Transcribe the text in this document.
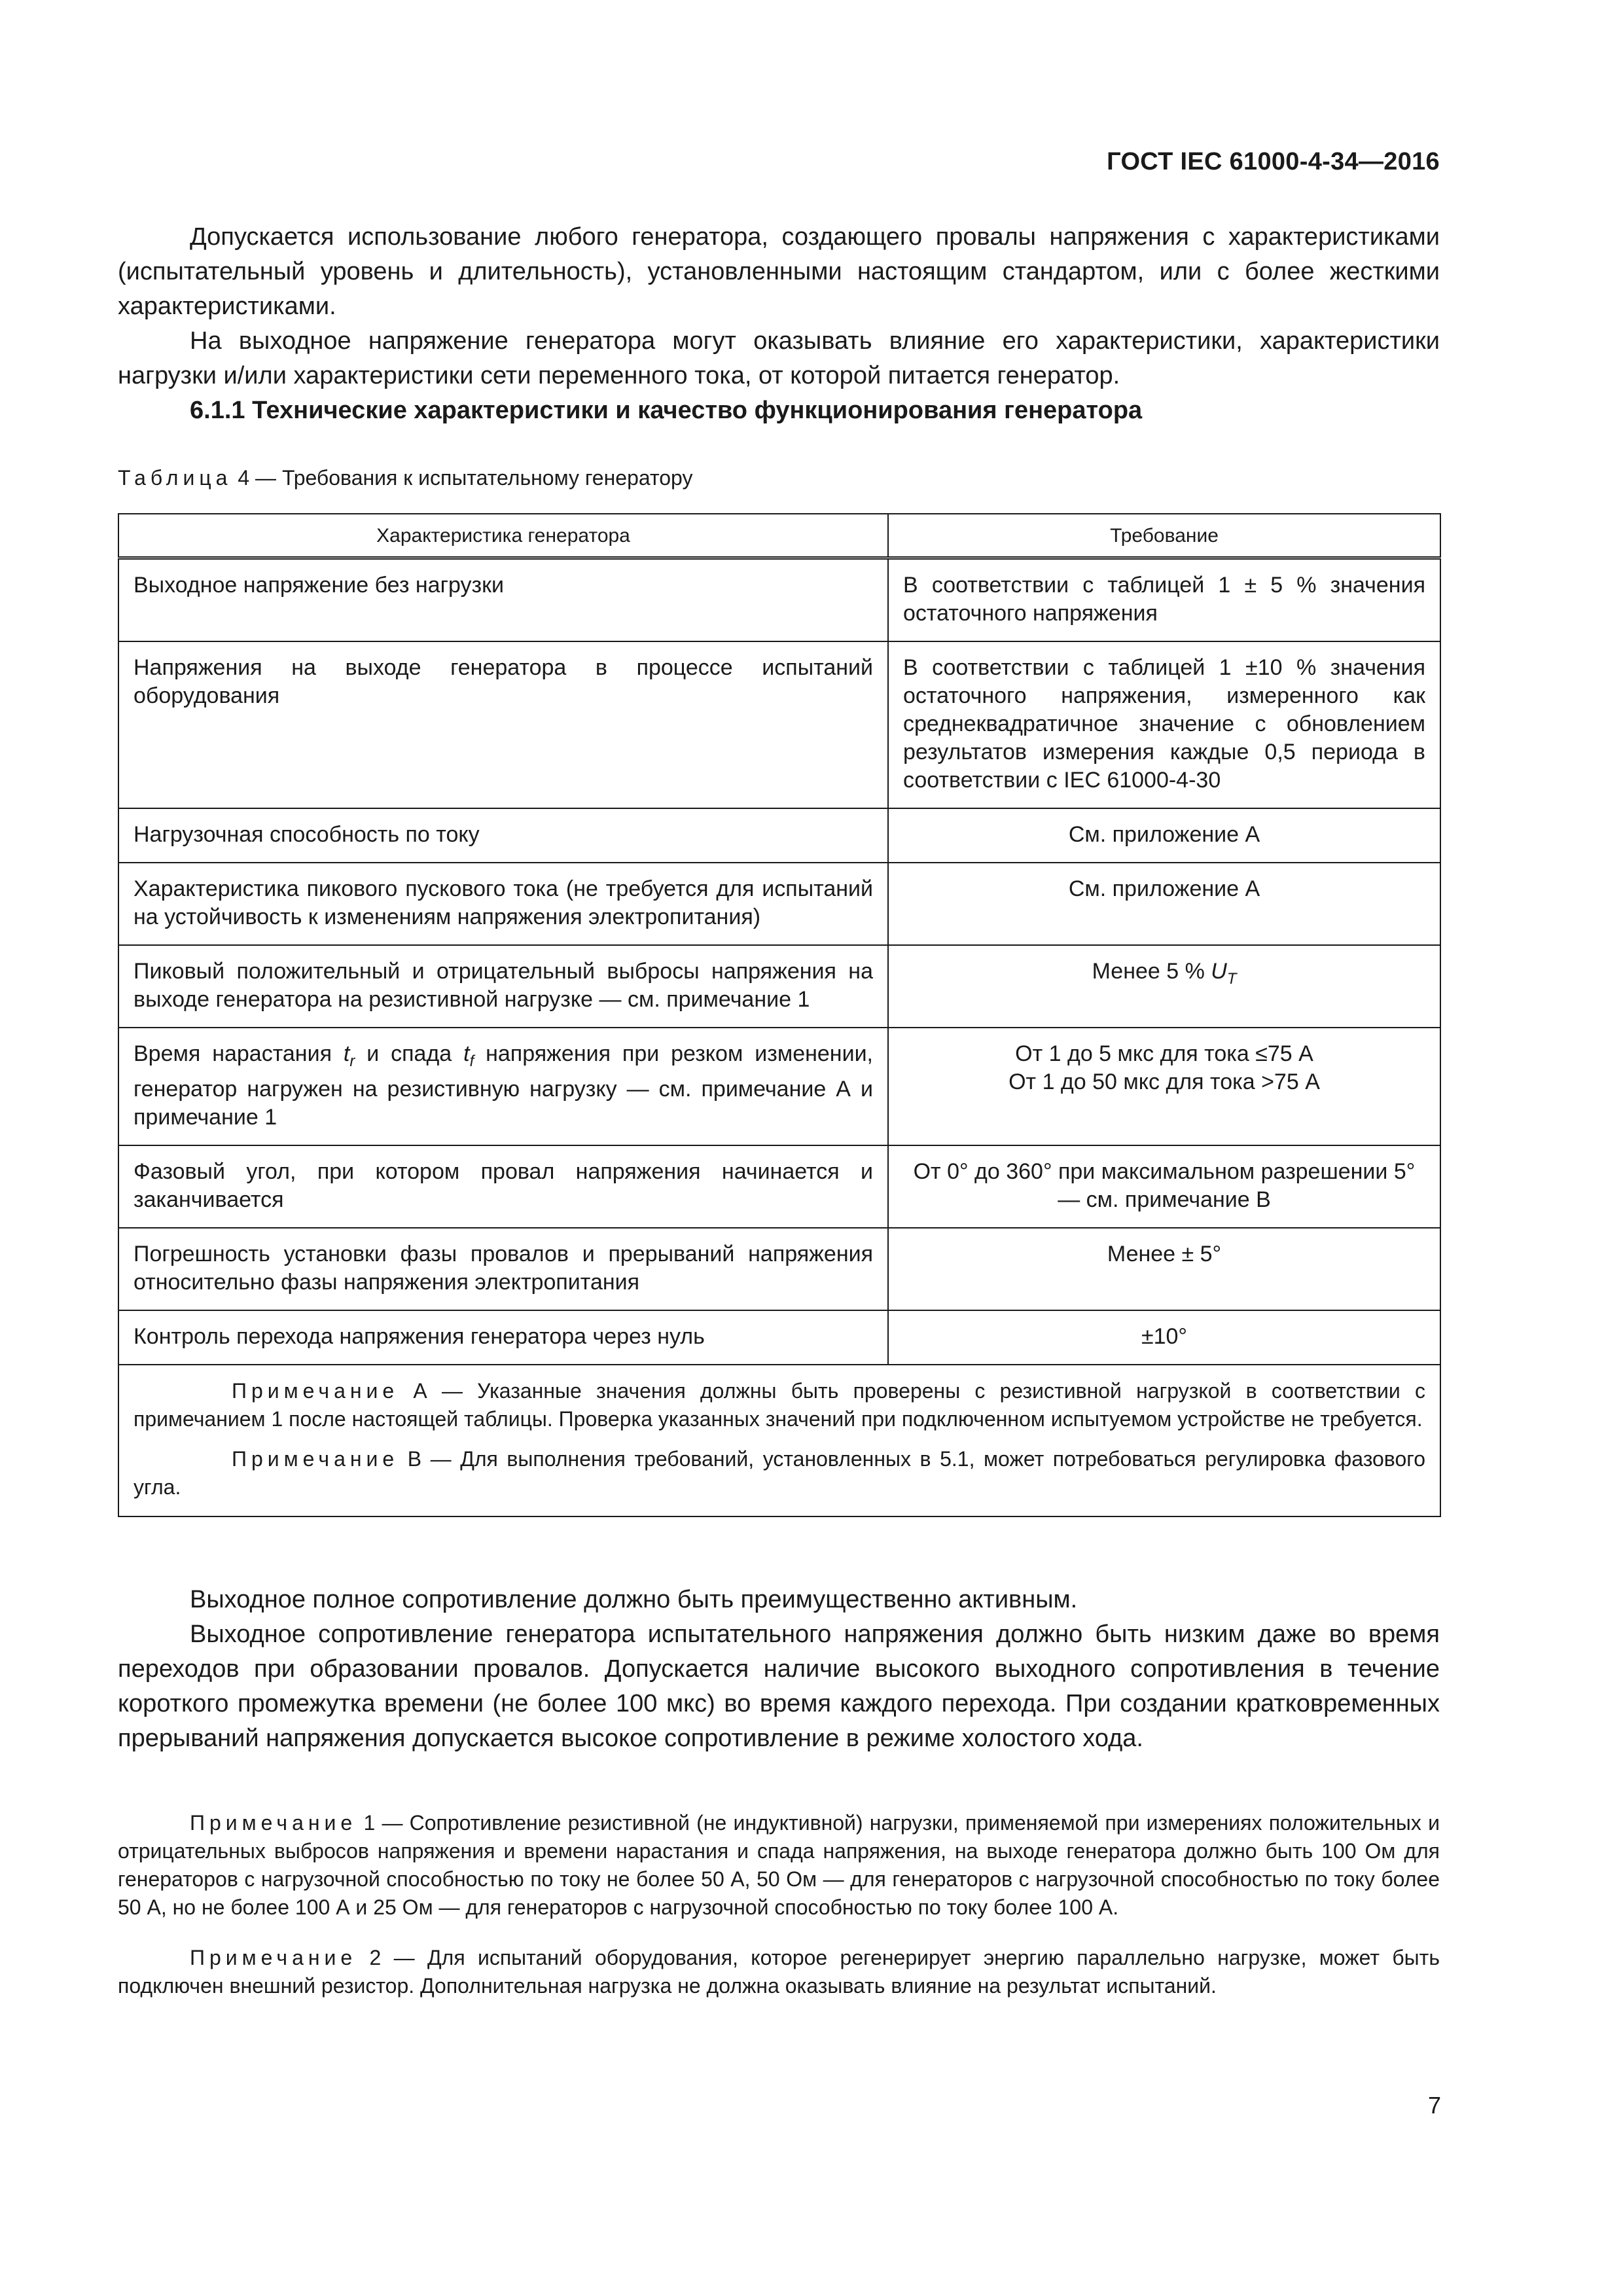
ГОСТ IEC 61000-4-34—2016

Допускается использование любого генератора, создающего провалы напряжения с характеристиками (испытательный уровень и длительность), установленными настоящим стандартом, или с более жесткими характеристиками.

На выходное напряжение генератора могут оказывать влияние его характеристики, характеристики нагрузки и/или характеристики сети переменного тока, от которой питается генератор.

6.1.1 Технические характеристики и качество функционирования генератора
Таблица 4 — Требования к испытательному генератору
Характеристика генератора	Требование
Выходное напряжение без нагрузки	В соответствии с таблицей 1 ± 5 % значения остаточного напряжения
Напряжения на выходе генератора в процессе испытаний оборудования	В соответствии с таблицей 1 ±10 % значения остаточного напряжения, измеренного как среднеквадратичное значение с обновлением результатов измерения каждые 0,5 периода в соответствии с IEC 61000-4-30
Нагрузочная способность по току	См. приложение А
Характеристика пикового пускового тока (не требуется для испытаний на устойчивость к изменениям напряжения электропитания)	См. приложение А
Пиковый положительный и отрицательный выбросы напряжения на выходе генератора на резистивной нагрузке — см. примечание 1	Менее 5 % $U_T$
Время нарастания $t_r$ и спада $t_f$ напряжения при резком изменении, генератор нагружен на резистивную нагрузку — см. примечание А и примечание 1	От 1 до 5 мкс для тока ≤75 А
От 1 до 50 мкс для тока >75 А

Фазовый угол, при котором провал напряжения начинается и заканчивается	От 0° до 360° при максимальном разрешении 5° — см. примечание В
Погрешность установки фазы провалов и прерываний напряжения относительно фазы напряжения электропитания	Менее ± 5°
Контроль перехода напряжения генератора через нуль	±10°

Примечание А — Указанные значения должны быть проверены с резистивной нагрузкой в соответствии с примечанием 1 после настоящей таблицы. Проверка указанных значений при подключенном испытуемом устройстве не требуется.

Примечание В — Для выполнения требований, установленных в 5.1, может потребоваться регулировка фазового угла.	

Выходное полное сопротивление должно быть преимущественно активным.

Выходное сопротивление генератора испытательного напряжения должно быть низким даже во время переходов при образовании провалов. Допускается наличие высокого выходного сопротивления в течение короткого промежутка времени (не более 100 мкс) во время каждого перехода. При создании кратковременных прерываний напряжения допускается высокое сопротивление в режиме холостого хода.

Примечание 1 — Сопротивление резистивной (не индуктивной) нагрузки, применяемой при измерениях положительных и отрицательных выбросов напряжения и времени нарастания и спада напряжения, на выходе генератора должно быть 100 Ом для генераторов с нагрузочной способностью по току не более 50 А, 50 Ом — для генераторов с нагрузочной способностью по току более 50 А, но не более 100 А и 25 Ом — для генераторов с нагрузочной способностью по току более 100 А.

Примечание 2 — Для испытаний оборудования, которое регенерирует энергию параллельно нагрузке, может быть подключен внешний резистор. Дополнительная нагрузка не должна оказывать влияние на результат испытаний.

7
